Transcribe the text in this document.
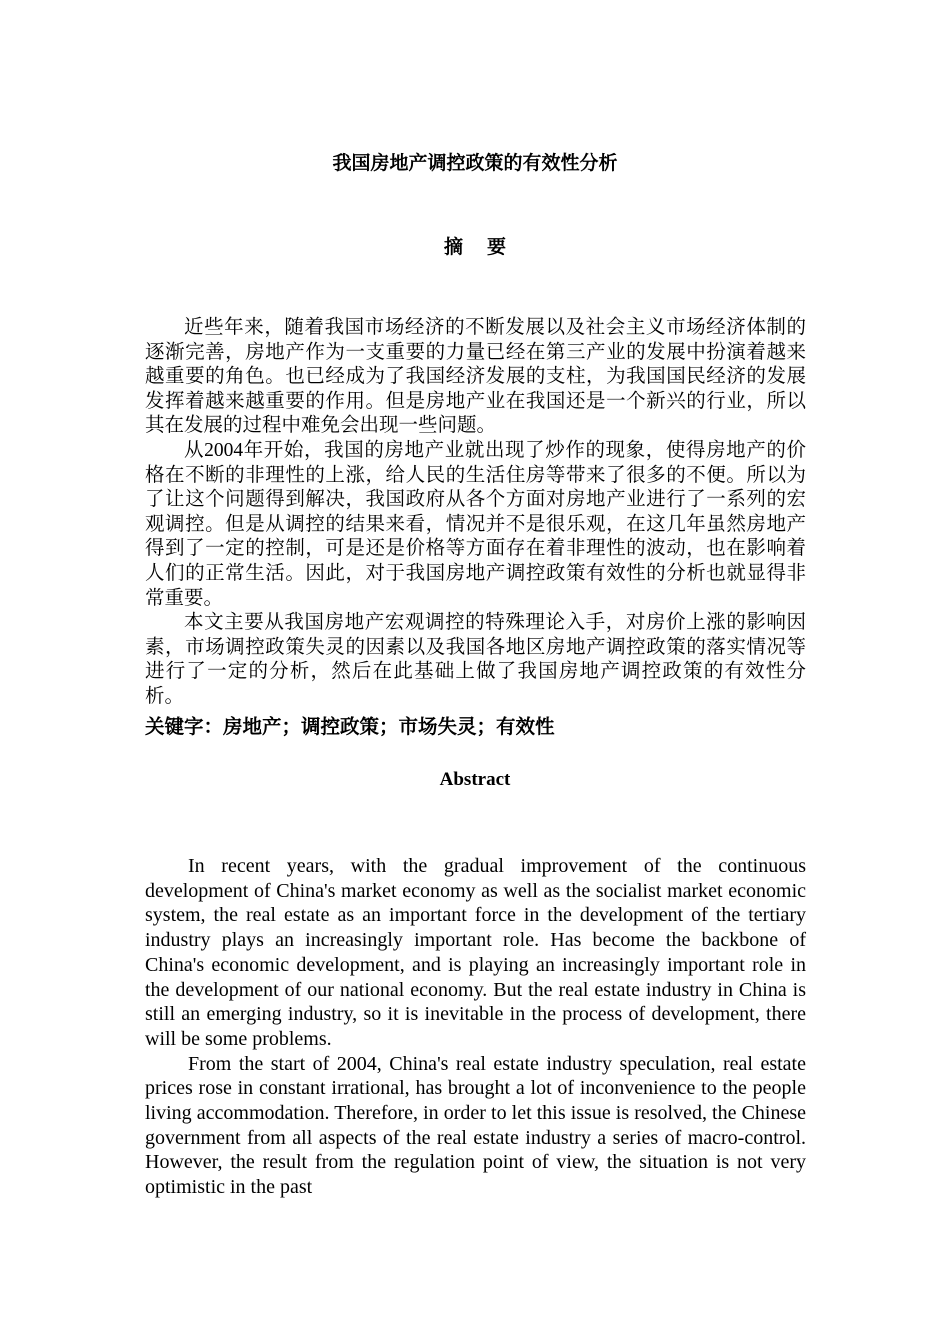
我国房地产调控政策的有效性分析
摘要

近些年来，随着我国市场经济的不断发展以及社会主义市场经济体制的逐渐完善，房地产作为一支重要的力量已经在第三产业的发展中扮演着越来越重要的角色。也已经成为了我国经济发展的支柱，为我国国民经济的发展发挥着越来越重要的作用。但是房地产业在我国还是一个新兴的行业，所以其在发展的过程中难免会出现一些问题。

从2004年开始，我国的房地产业就出现了炒作的现象，使得房地产的价格在不断的非理性的上涨，给人民的生活住房等带来了很多的不便。所以为了让这个问题得到解决，我国政府从各个方面对房地产业进行了一系列的宏观调控。但是从调控的结果来看，情况并不是很乐观，在这几年虽然房地产得到了一定的控制，可是还是价格等方面存在着非理性的波动，也在影响着人们的正常生活。因此，对于我国房地产调控政策有效性的分析也就显得非常重要。

本文主要从我国房地产宏观调控的特殊理论入手，对房价上涨的影响因素，市场调控政策失灵的因素以及我国各地区房地产调控政策的落实情况等进行了一定的分析，然后在此基础上做了我国房地产调控政策的有效性分析。

关键字：房地产；调控政策；市场失灵；有效性
Abstract

In recent years, with the gradual improvement of the continuous development of China's market economy as well as the socialist market economic system, the real estate as an important force in the development of the tertiary industry plays an increasingly important role. Has become the backbone of China's economic development, and is playing an increasingly important role in the development of our national economy. But the real estate industry in China is still an emerging industry, so it is inevitable in the process of development, there will be some problems.

From the start of 2004, China's real estate industry speculation, real estate prices rose in constant irrational, has brought a lot of inconvenience to the people living accommodation. Therefore, in order to let this issue is resolved, the Chinese government from all aspects of the real estate industry a series of macro-control. However, the result from the regulation point of view, the situation is not very optimistic in the past
